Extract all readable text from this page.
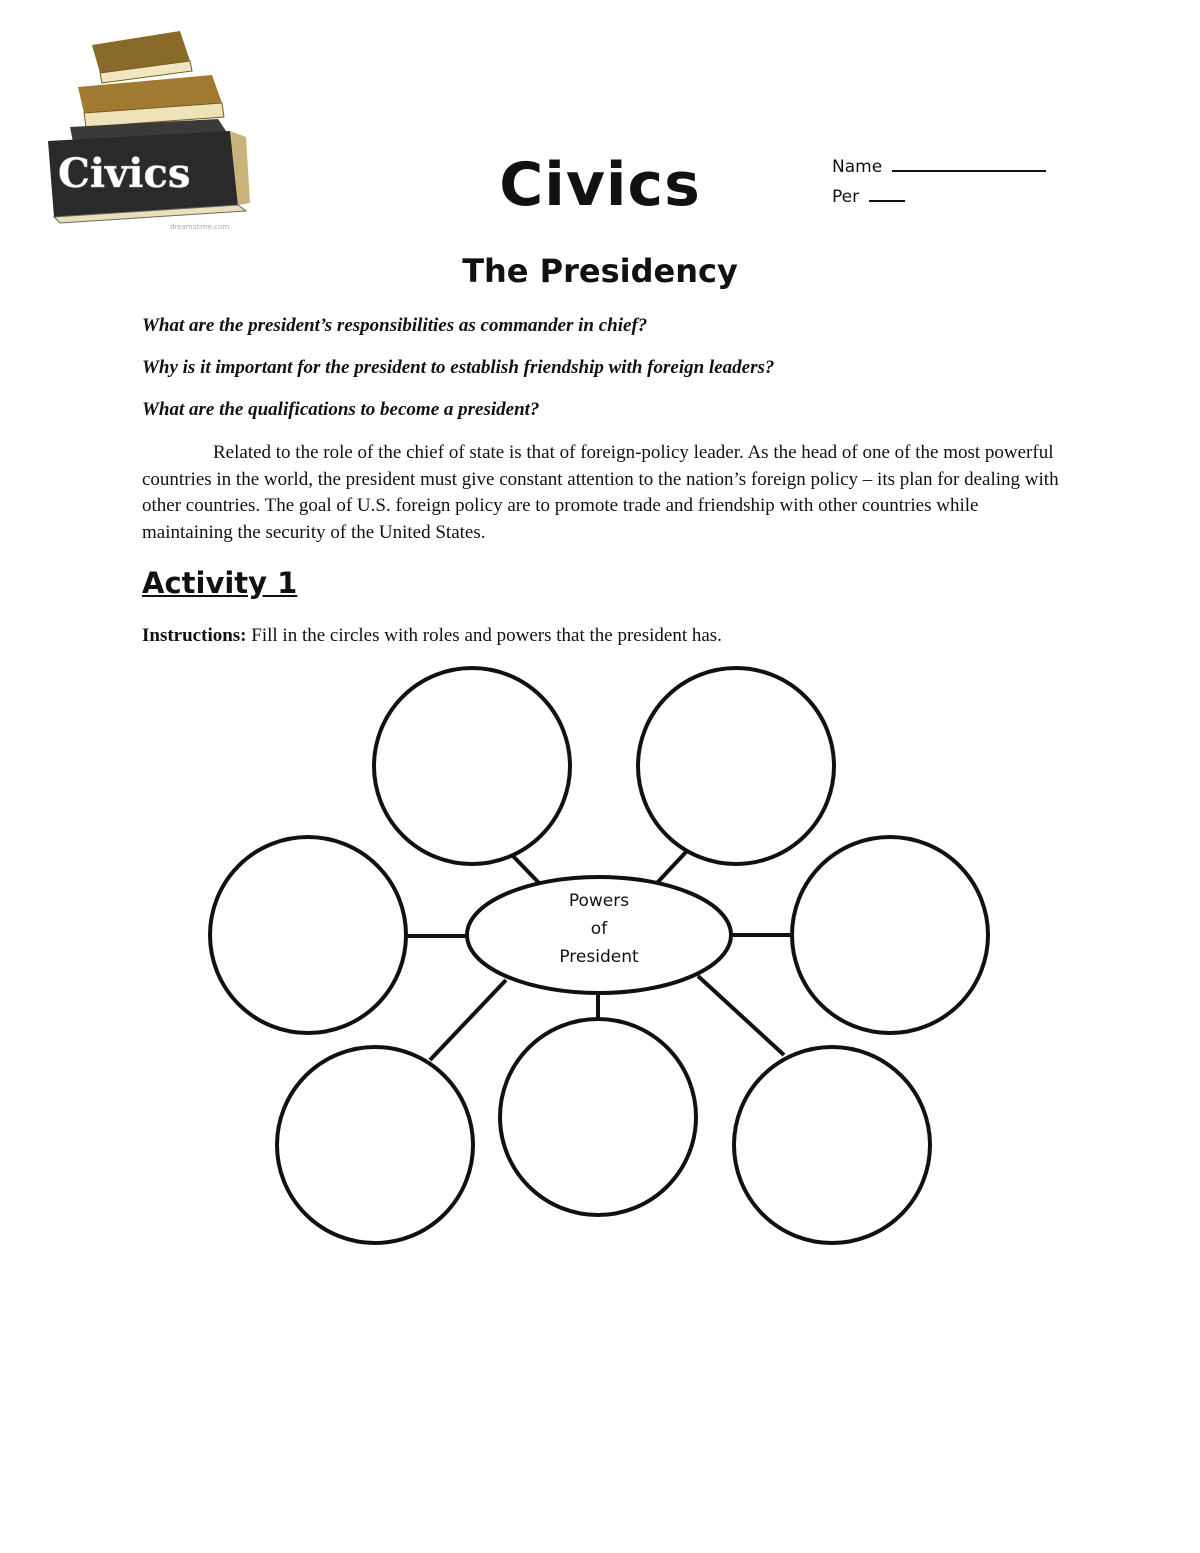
Civics
dreamstime.com
Civics	Name
Per
The Presidency
What are the president’s responsibilities as commander in chief?
Why is it important for the president to establish friendship with foreign leaders?
What are the qualifications to become a president?

Related to the role of the chief of state is that of foreign-policy leader. As the head of one of the most powerful countries in the world, the president must give constant attention to the nation’s foreign policy – its plan for dealing with other countries. The goal of U.S. foreign policy are to promote trade and friendship with other countries while maintaining the security of the United States.

Activity 1
Instructions: Fill in the circles with roles and powers that the president has.
Powers
of
President
